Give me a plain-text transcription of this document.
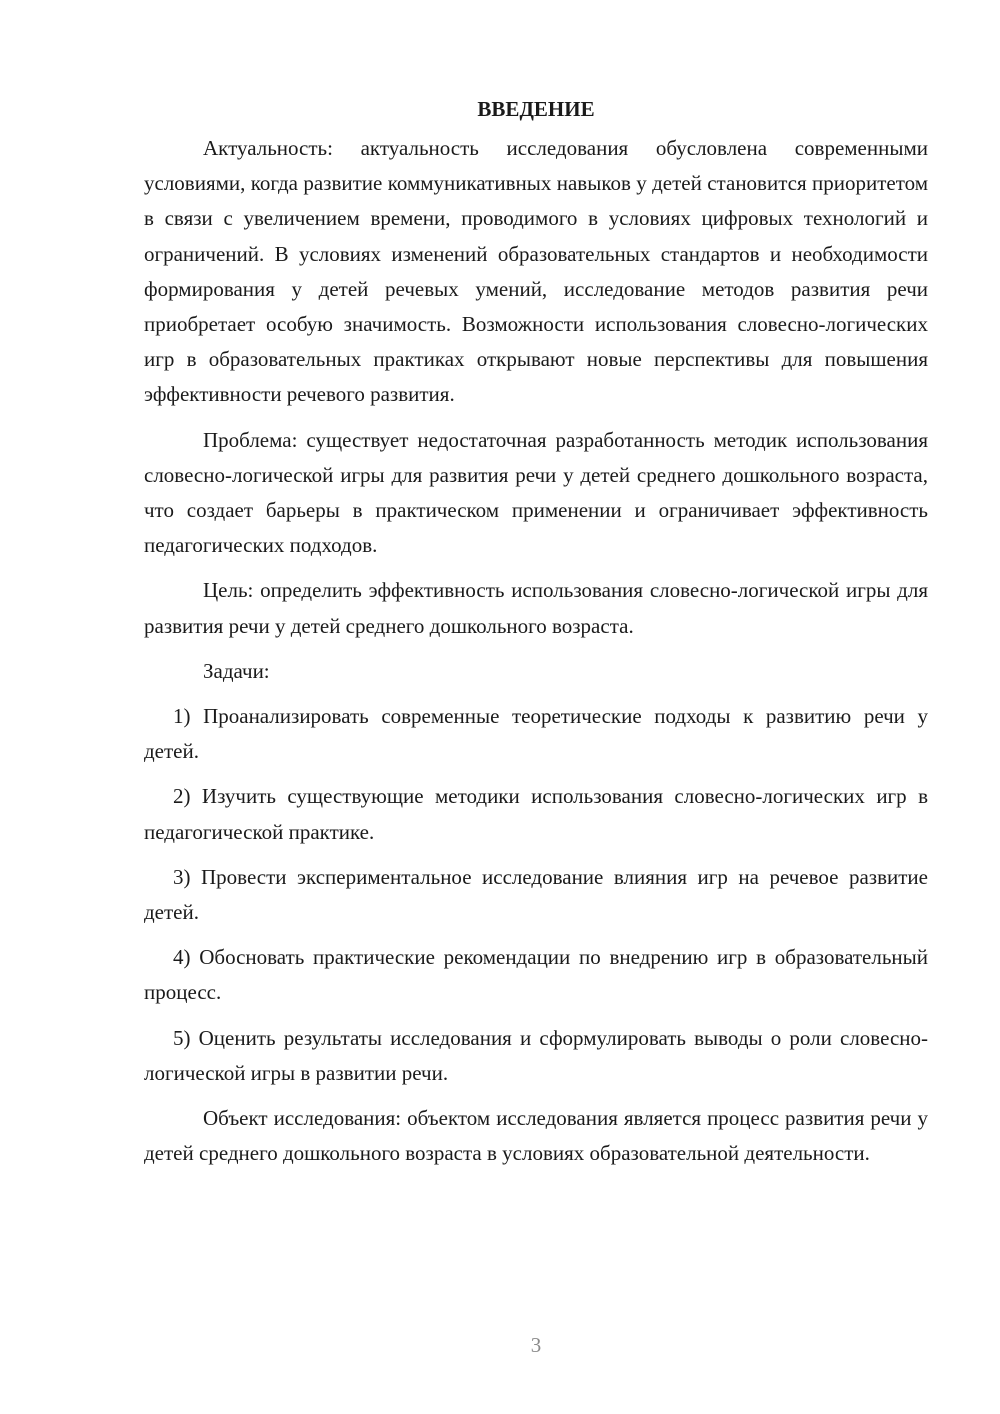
ВВЕДЕНИЕ

Актуальность: актуальность исследования обусловлена современными условиями, когда развитие коммуникативных навыков у детей становится приоритетом в связи с увеличением времени, проводимого в условиях цифровых технологий и ограничений. В условиях изменений образовательных стандартов и необходимости формирования у детей речевых умений, исследование методов развития речи приобретает особую значимость. Возможности использования словесно-логических игр в образовательных практиках открывают новые перспективы для повышения эффективности речевого развития.

Проблема: существует недостаточная разработанность методик использования словесно-логической игры для развития речи у детей среднего дошкольного возраста, что создает барьеры в практическом применении и ограничивает эффективность педагогических подходов.

Цель: определить эффективность использования словесно-логической игры для развития речи у детей среднего дошкольного возраста.

Задачи:

1) Проанализировать современные теоретические подходы к развитию речи у детей.

2) Изучить существующие методики использования словесно-логических игр в педагогической практике.

3) Провести экспериментальное исследование влияния игр на речевое развитие детей.

4) Обосновать практические рекомендации по внедрению игр в образовательный процесс.

5) Оценить результаты исследования и сформулировать выводы о роли словесно-логической игры в развитии речи.

Объект исследования: объектом исследования является процесс развития речи у детей среднего дошкольного возраста в условиях образовательной деятельности.

3
